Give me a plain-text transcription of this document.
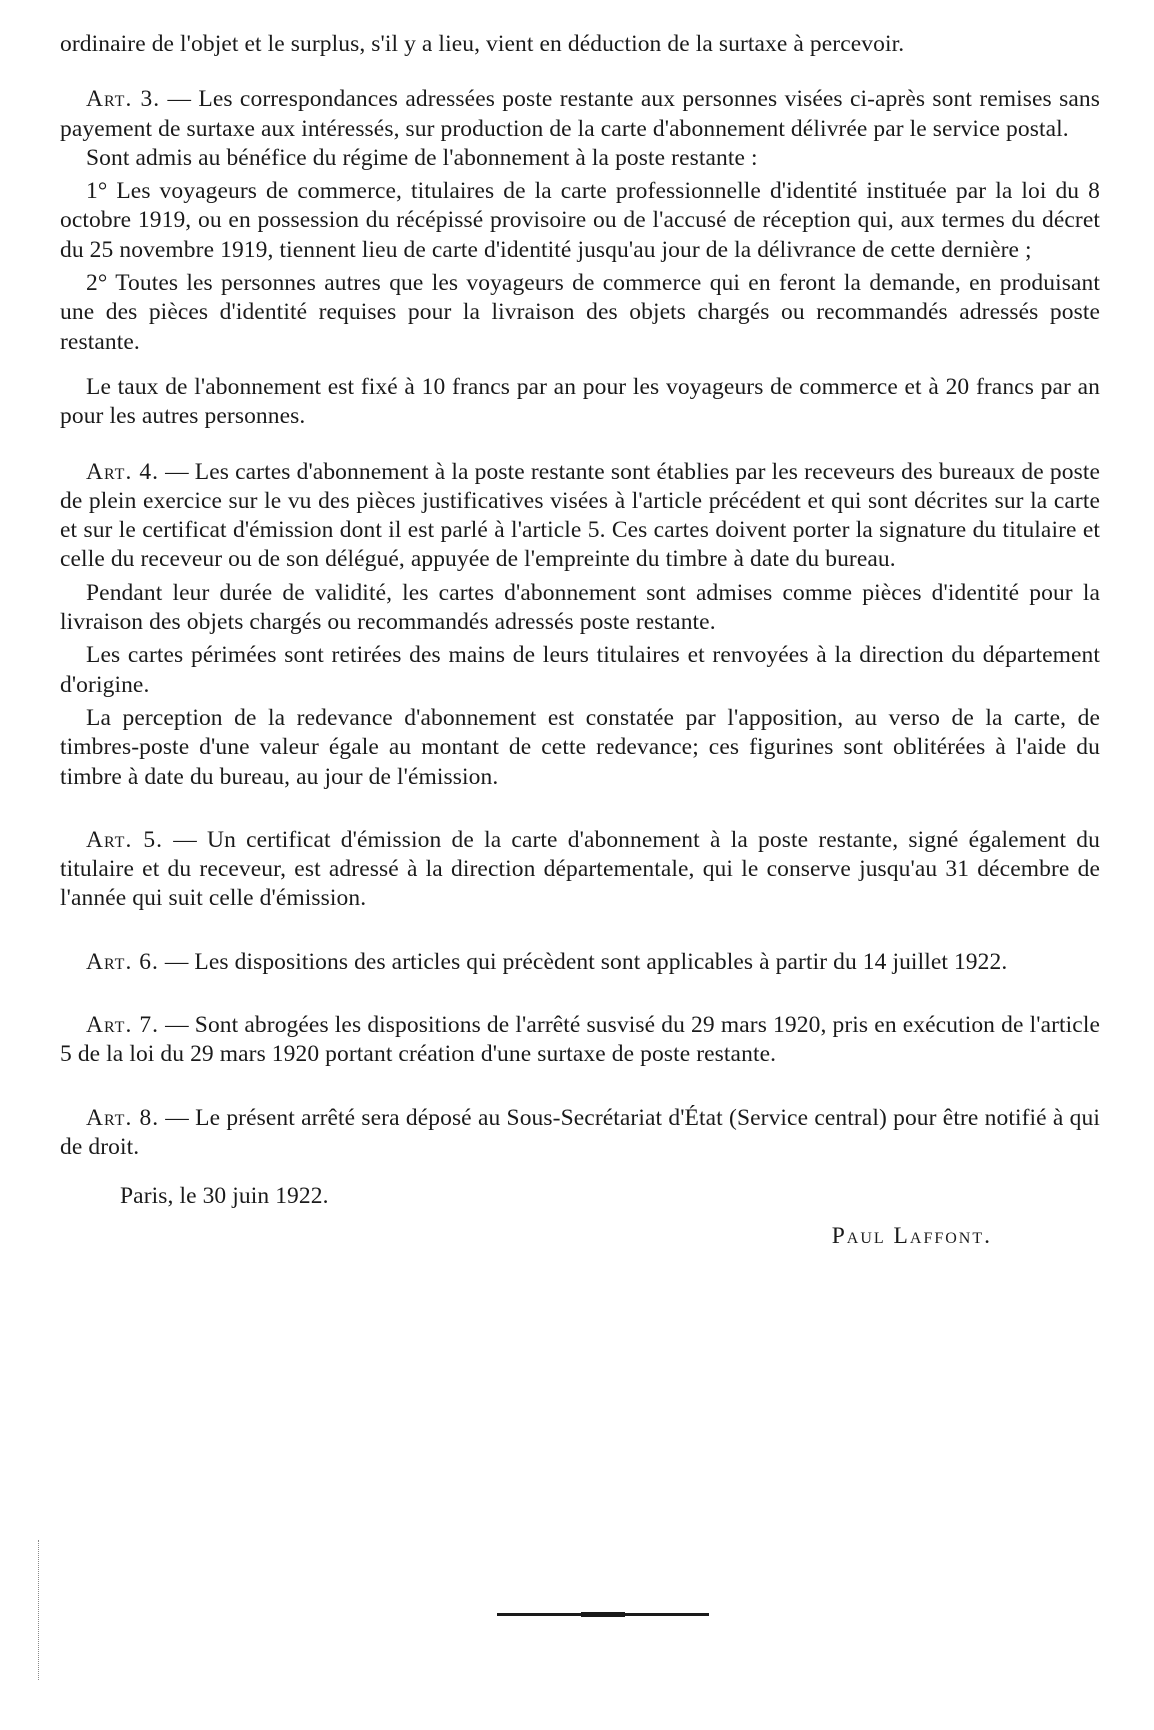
ordinaire de l'objet et le surplus, s'il y a lieu, vient en déduction de la surtaxe à percevoir.

Art. 3. — Les correspondances adressées poste restante aux personnes visées ci-après sont remises sans payement de surtaxe aux intéressés, sur production de la carte d'abonnement délivrée par le service postal.

Sont admis au bénéfice du régime de l'abonnement à la poste restante :

1° Les voyageurs de commerce, titulaires de la carte professionnelle d'identité instituée par la loi du 8 octobre 1919, ou en possession du récépissé provisoire ou de l'accusé de réception qui, aux termes du décret du 25 novembre 1919, tiennent lieu de carte d'identité jusqu'au jour de la délivrance de cette dernière ;

2° Toutes les personnes autres que les voyageurs de commerce qui en feront la demande, en produisant une des pièces d'identité requises pour la livraison des objets chargés ou recommandés adressés poste restante.

Le taux de l'abonnement est fixé à 10 francs par an pour les voyageurs de commerce et à 20 francs par an pour les autres personnes.

Art. 4. — Les cartes d'abonnement à la poste restante sont établies par les receveurs des bureaux de poste de plein exercice sur le vu des pièces justificatives visées à l'article précédent et qui sont décrites sur la carte et sur le certificat d'émission dont il est parlé à l'article 5. Ces cartes doivent porter la signature du titulaire et celle du receveur ou de son délégué, appuyée de l'empreinte du timbre à date du bureau.

Pendant leur durée de validité, les cartes d'abonnement sont admises comme pièces d'identité pour la livraison des objets chargés ou recommandés adressés poste restante.

Les cartes périmées sont retirées des mains de leurs titulaires et renvoyées à la direction du département d'origine.

La perception de la redevance d'abonnement est constatée par l'apposition, au verso de la carte, de timbres-poste d'une valeur égale au montant de cette redevance; ces figurines sont oblitérées à l'aide du timbre à date du bureau, au jour de l'émission.

Art. 5. — Un certificat d'émission de la carte d'abonnement à la poste restante, signé également du titulaire et du receveur, est adressé à la direction départementale, qui le conserve jusqu'au 31 décembre de l'année qui suit celle d'émission.

Art. 6. — Les dispositions des articles qui précèdent sont applicables à partir du 14 juillet 1922.

Art. 7. — Sont abrogées les dispositions de l'arrêté susvisé du 29 mars 1920, pris en exécution de l'article 5 de la loi du 29 mars 1920 portant création d'une surtaxe de poste restante.

Art. 8. — Le présent arrêté sera déposé au Sous-Secrétariat d'État (Service central) pour être notifié à qui de droit.

Paris, le 30 juin 1922.

Paul Laffont.
